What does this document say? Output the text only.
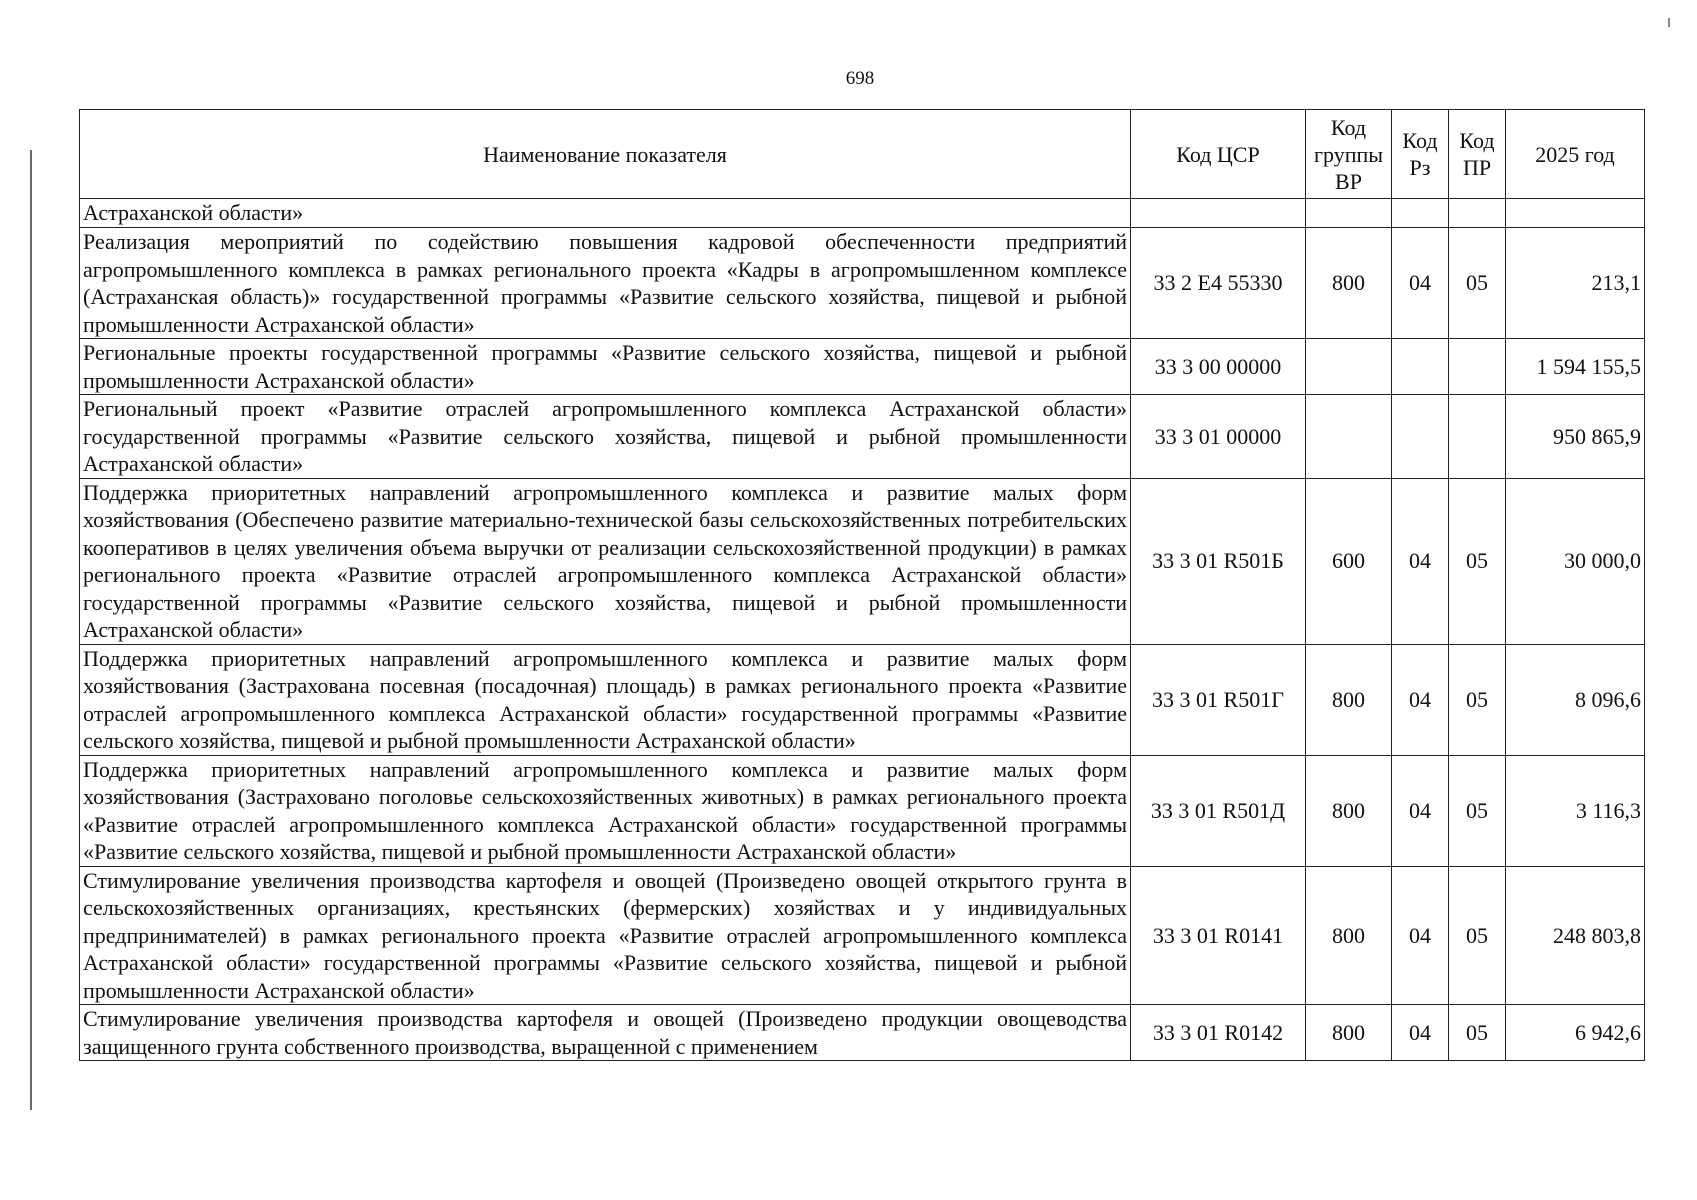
698
Наименование показателя	Код ЦСР	Код группы ВР	Код Рз	Код ПР	2025 год
Астраханской области»					
Реализация мероприятий по содействию повышения кадровой обеспеченности предприятий агропромышленного комплекса в рамках регионального проекта «Кадры в агропромышленном комплексе (Астраханская область)» государственной программы «Развитие сельского хозяйства, пищевой и рыбной промышленности Астраханской области»	33 2 Е4 55330	800	04	05	213,1
Региональные проекты государственной программы «Развитие сельского хозяйства, пищевой и рыбной промышленности Астраханской области»	33 3 00 00000				1 594 155,5
Региональный проект «Развитие отраслей агропромышленного комплекса Астраханской области» государственной программы «Развитие сельского хозяйства, пищевой и рыбной промышленности Астраханской области»	33 3 01 00000				950 865,9
Поддержка приоритетных направлений агропромышленного комплекса и развитие малых форм хозяйствования (Обеспечено развитие материально-технической базы сельскохозяйственных потребительских кооперативов в целях увеличения объема выручки от реализации сельскохозяйственной продукции) в рамках регионального проекта «Развитие отраслей агропромышленного комплекса Астраханской области» государственной программы «Развитие сельского хозяйства, пищевой и рыбной промышленности Астраханской области»	33 3 01 R501Б	600	04	05	30 000,0
Поддержка приоритетных направлений агропромышленного комплекса и развитие малых форм хозяйствования (Застрахована посевная (посадочная) площадь) в рамках регионального проекта «Развитие отраслей агропромышленного комплекса Астраханской области» государственной программы «Развитие сельского хозяйства, пищевой и рыбной промышленности Астраханской области»	33 3 01 R501Г	800	04	05	8 096,6
Поддержка приоритетных направлений агропромышленного комплекса и развитие малых форм хозяйствования (Застраховано поголовье сельскохозяйственных животных) в рамках регионального проекта «Развитие отраслей агропромышленного комплекса Астраханской области» государственной программы «Развитие сельского хозяйства, пищевой и рыбной промышленности Астраханской области»	33 3 01 R501Д	800	04	05	3 116,3
Стимулирование увеличения производства картофеля и овощей (Произведено овощей открытого грунта в сельскохозяйственных организациях, крестьянских (фермерских) хозяйствах и у индивидуальных предпринимателей) в рамках регионального проекта «Развитие отраслей агропромышленного комплекса Астраханской области» государственной программы «Развитие сельского хозяйства, пищевой и рыбной промышленности Астраханской области»	33 3 01 R0141	800	04	05	248 803,8
Стимулирование увеличения производства картофеля и овощей (Произведено продукции овощеводства защищенного грунта собственного производства, выращенной с применением	33 3 01 R0142	800	04	05	6 942,6
